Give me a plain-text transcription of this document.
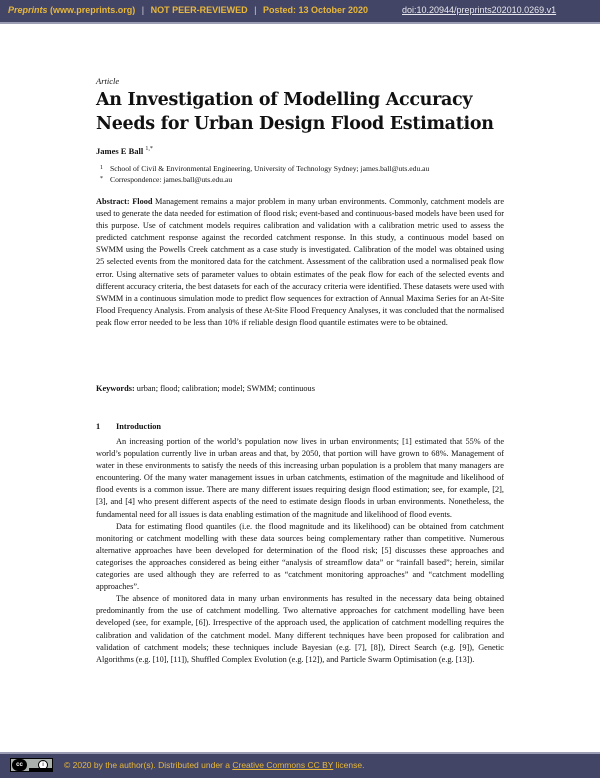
Preprints (www.preprints.org) | NOT PEER-REVIEWED | Posted: 13 October 2020	doi:10.20944/preprints202010.0269.v1
Article
An Investigation of Modelling Accuracy Needs for Urban Design Flood Estimation
James E Ball $^{1,*}$
1 School of Civil & Environmental Engineering, University of Technology Sydney; james.ball@uts.edu.au
* Correspondence: james.ball@uts.edu.au
Abstract: Flood Management remains a major problem in many urban environments. Commonly, catchment models are used to generate the data needed for estimation of flood risk; event-based and continuous-based models have been used for this purpose. Use of catchment models requires calibration and validation with a calibration metric used to assess the predicted catchment response against the recorded catchment response. In this study, a continuous model based on SWMM using the Powells Creek catchment as a case study is investigated. Calibration of the model was obtained using 25 selected events from the monitored data for the catchment. Assessment of the calibration used a normalised peak flow error. Using alternative sets of parameter values to obtain estimates of the peak flow for each of the selected events and different accuracy criteria, the best datasets for each of the accuracy criteria were identified. These datasets were used with SWMM in a continuous simulation mode to predict flow sequences for extraction of Annual Maxima Series for an At-Site Flood Frequency Analysis. From analysis of these At-Site Flood Frequency Analyses, it was concluded that the normalised peak flow error needed to be less than 10% if reliable design flood quantile estimates were to be obtained.
Keywords: urban; flood; calibration; model; SWMM; continuous
1 Introduction

An increasing portion of the world’s population now lives in urban environments; [1] estimated that 55% of the world’s population currently live in urban areas and that, by 2050, that portion will have grown to 68%. Management of water in these environments to satisfy the needs of this increasing urban population is a problem that many managers are encountering. Of the many water management issues in urban catchments, estimation of the magnitude and likelihood of flood events is a common issue. There are many different issues requiring design flood estimation; see, for example, [2], [3], and [4] who present different aspects of the need to estimate design floods in urban environments. Nonetheless, the fundamental need for all issues is data enabling estimation of the magnitude and likelihood of flood events.

Data for estimating flood quantiles (i.e. the flood magnitude and its likelihood) can be obtained from catchment monitoring or catchment modelling with these data sources being complementary rather than competitive. Numerous alternative approaches have been developed for determination of the flood risk; [5] discusses these approaches and categorises the approaches considered as being either “analysis of streamflow data” or “rainfall based”; herein, similar categories are used although they are referred to as “catchment monitoring approaches” and “catchment modelling approaches”.

The absence of monitored data in many urban environments has resulted in the necessary data being obtained predominantly from the use of catchment modelling. Two alternative approaches for catchment modelling have been developed (see, for example, [6]). Irrespective of the approach used, the application of catchment modelling requires the calibration and validation of the catchment model. Many different techniques have been proposed for calibration and validation of catchment models; these techniques include Bayesian (e.g. [7], [8]), Direct Search (e.g. [9]), Genetic Algorithms (e.g. [10], [11]), Shuffled Complex Evolution (e.g. [12]), and Particle Swarm Optimisation (e.g. [13]).

cc	i	© 2020 by the author(s). Distributed under a Creative Commons CC BY license.
